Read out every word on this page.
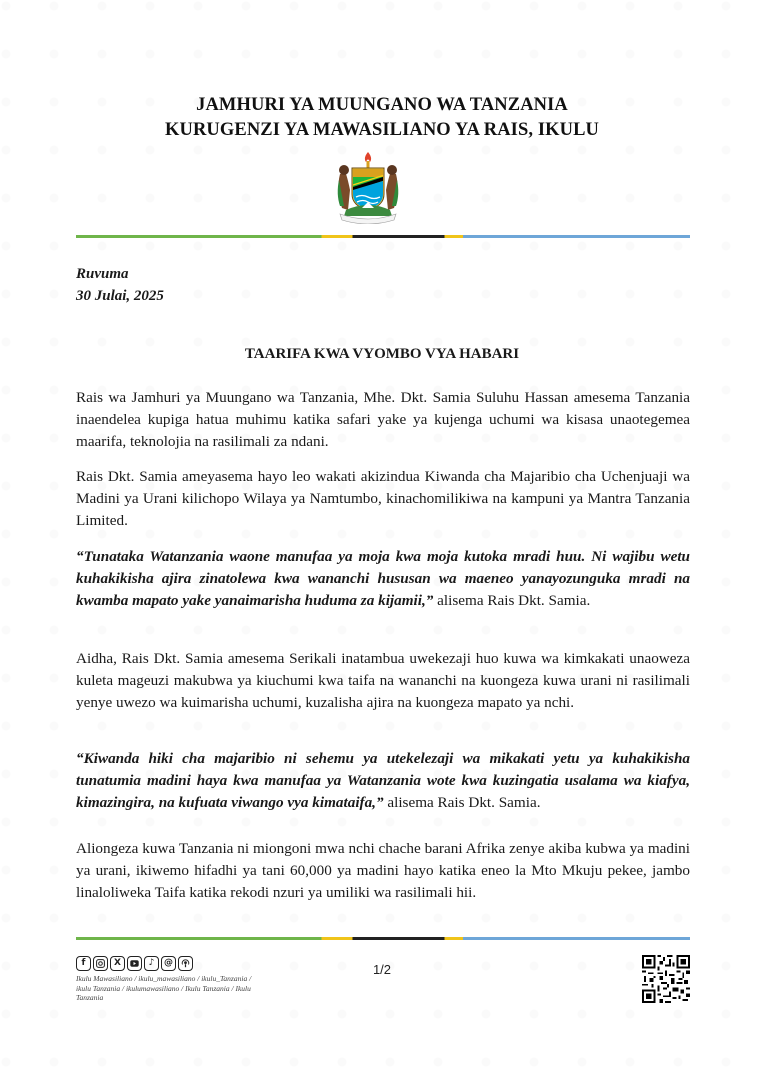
JAMHURI YA MUUNGANO WA TANZANIA
KURUGENZI YA MAWASILIANO YA RAIS, IKULU
Ruvuma
30 Julai, 2025
TAARIFA KWA VYOMBO VYA HABARI

Rais wa Jamhuri ya Muungano wa Tanzania, Mhe. Dkt. Samia Suluhu Hassan amesema Tanzania inaendelea kupiga hatua muhimu katika safari yake ya kujenga uchumi wa kisasa unaotegemea maarifa, teknolojia na rasilimali za ndani.

Rais Dkt. Samia ameyasema hayo leo wakati akizindua Kiwanda cha Majaribio cha Uchenjuaji wa Madini ya Urani kilichopo Wilaya ya Namtumbo, kinachomilikiwa na kampuni ya Mantra Tanzania Limited.

“Tunataka Watanzania waone manufaa ya moja kwa moja kutoka mradi huu. Ni wajibu wetu kuhakikisha ajira zinatolewa kwa wananchi hususan wa maeneo yanayozunguka mradi na kwamba mapato yake yanaimarisha huduma za kijamii,” alisema Rais Dkt. Samia.

Aidha, Rais Dkt. Samia amesema Serikali inatambua uwekezaji huo kuwa wa kimkakati unaoweza kuleta mageuzi makubwa ya kiuchumi kwa taifa na wananchi na kuongeza kuwa urani ni rasilimali yenye uwezo wa kuimarisha uchumi, kuzalisha ajira na kuongeza mapato ya nchi.

“Kiwanda hiki cha majaribio ni sehemu ya utekelezaji wa mikakati yetu ya kuhakikisha tunatumia madini haya kwa manufaa ya Watanzania wote kwa kuzingatia usalama wa kiafya, kimazingira, na kufuata viwango vya kimataifa,” alisema Rais Dkt. Samia.

Aliongeza kuwa Tanzania ni miongoni mwa nchi chache barani Afrika zenye akiba kubwa ya madini ya urani, ikiwemo hifadhi ya tani 60,000 ya madini hayo katika eneo la Mto Mkuju pekee, jambo linaloliweka Taifa katika rekodi nzuri ya umiliki wa rasilimali hii.

f	X	♪	@
Ikulu Mawasiliano / ikulu_mawasiliano / ikulu_Tanzania / ikulu Tanzania / ikulumawasiliano / Ikulu Tanzania / Ikulu Tanzania
1/2
